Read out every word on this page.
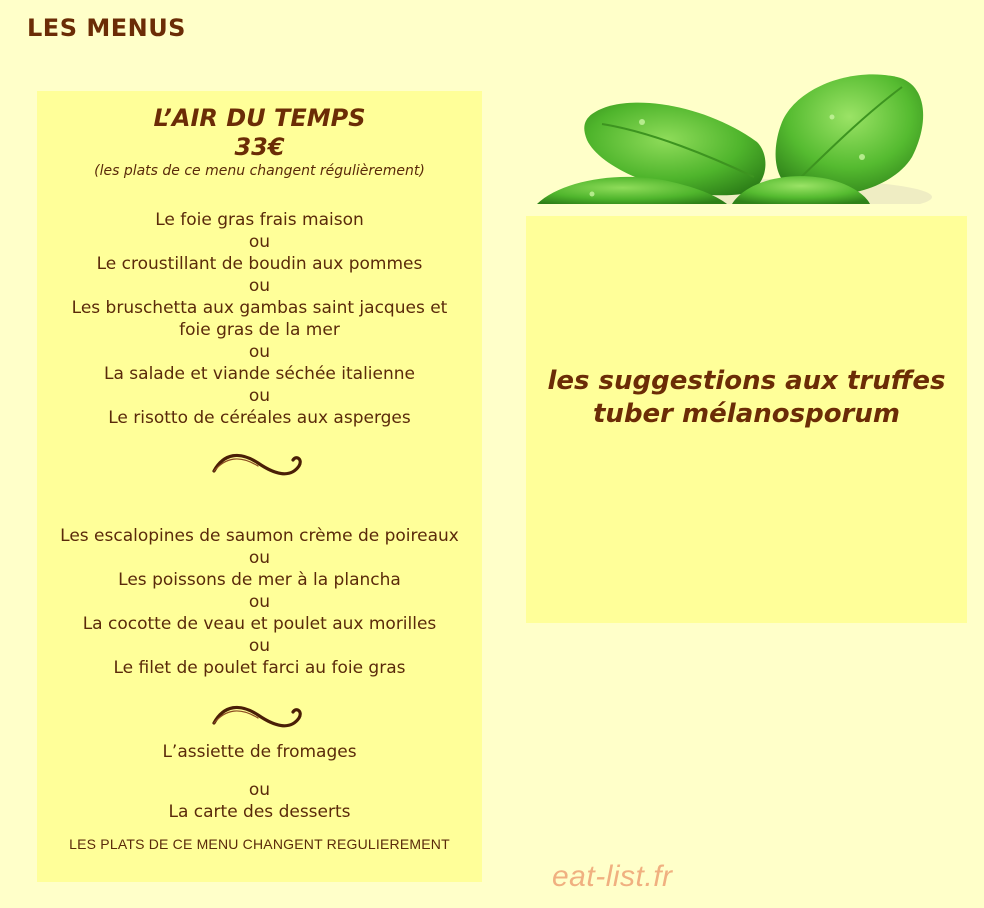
LES MENUS
L’AIR DU TEMPS
33€
(les plats de ce menu changent régulièrement)
Le foie gras frais maison
ou
Le croustillant de boudin aux pommes
ou
Les bruschetta aux gambas saint jacques et
foie gras de la mer
ou
La salade et viande séchée italienne
ou
Le risotto de céréales aux asperges
Les escalopines de saumon crème de poireaux
ou
Les poissons de mer à la plancha
ou
La cocotte de veau et poulet aux morilles
ou
Le filet de poulet farci au foie gras
L’assiette de fromages
ou
La carte des desserts
LES PLATS DE CE MENU CHANGENT REGULIEREMENT
les suggestions aux truffes
tuber mélanosporum
eat-list.fr
